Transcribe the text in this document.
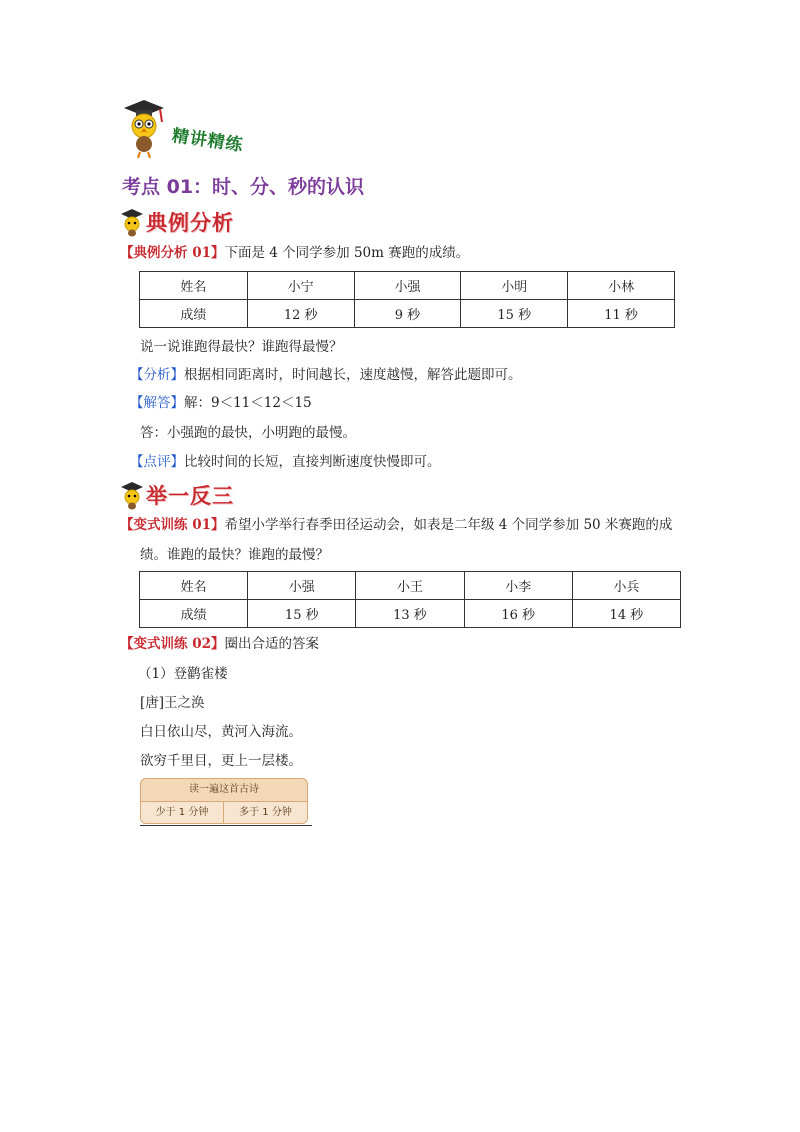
精讲精练
考点 01：时、分、秒的认识
典例分析
【典例分析 01】下面是 4 个同学参加 50m 赛跑的成绩。
姓名	小宁	小强	小明	小林
成绩	12 秒	9 秒	15 秒	11 秒
说一说谁跑得最快？谁跑得最慢？
【分析】根据相同距离时，时间越长，速度越慢，解答此题即可。
【解答】解：9＜11＜12＜15
答：小强跑的最快，小明跑的最慢。
【点评】比较时间的长短，直接判断速度快慢即可。
举一反三
【变式训练 01】希望小学举行春季田径运动会，如表是二年级 4 个同学参加 50 米赛跑的成
绩。谁跑的最快？谁跑的最慢？
姓名	小强	小王	小李	小兵
成绩	15 秒	13 秒	16 秒	14 秒
【变式训练 02】圈出合适的答案
（1）登鹳雀楼
[唐]王之涣
白日依山尽，黄河入海流。
欲穷千里目，更上一层楼。
读一遍这首古诗
少于 1 分钟	多于 1 分钟
